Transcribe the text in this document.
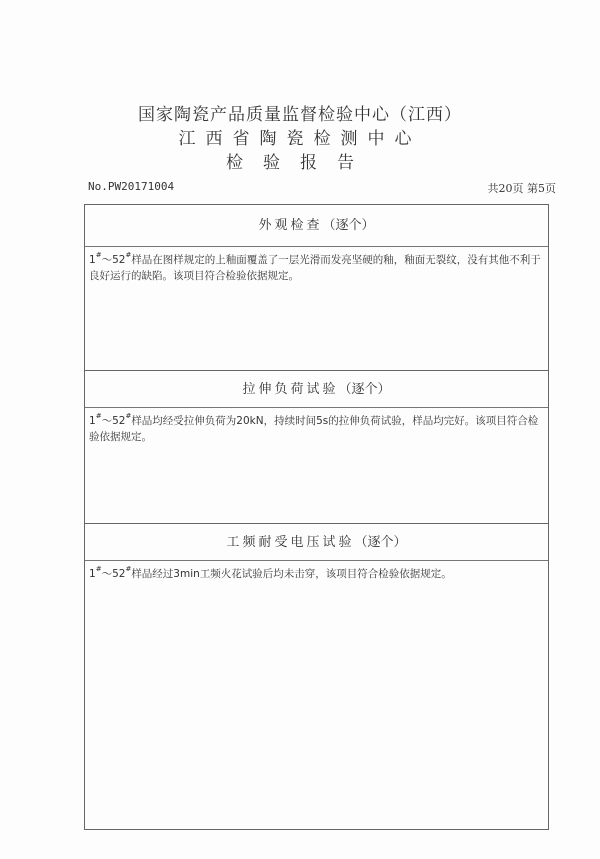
国家陶瓷产品质量监督检验中心（江西）
江西省陶瓷检测中心
检验报告
No.PW20171004	共20页 第5页
外观检查（逐个）
1#～52#样品在图样规定的上釉面覆盖了一层光滑而发亮坚硬的釉，釉面无裂纹，没有其他不利于良好运行的缺陷。该项目符合检验依据规定。
拉伸负荷试验（逐个）
1#～52#样品均经受拉伸负荷为20kN，持续时间5s的拉伸负荷试验，样品均完好。该项目符合检验依据规定。
工频耐受电压试验（逐个）
1#～52#样品经过3min工频火花试验后均未击穿，该项目符合检验依据规定。
